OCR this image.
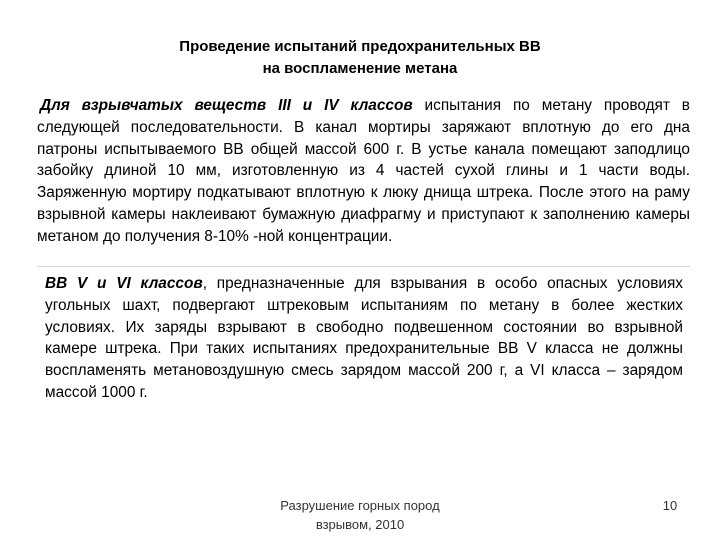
Проведение испытаний предохранительных ВВ
на воспламенение метана

Для взрывчатых веществ III и IV классов испытания по метану проводят в следующей последовательности. В канал мортиры заряжают вплотную до его дна патроны испытываемого ВВ общей массой 600 г. В устье канала помещают заподлицо забойку длиной 10 мм, изготовленную из 4 частей сухой глины и 1 части воды. Заряженную мортиру подкатывают вплотную к люку днища штрека. После этого на раму взрывной камеры наклеивают бумажную диафрагму и приступают к заполнению камеры метаном до получения 8-10% -ной концентрации.

ВВ V и VI классов, предназначенные для взрывания в особо опасных условиях угольных шахт, подвергают штрековым испытаниям по метану в более жестких условиях. Их заряды взрывают в свободно подвешенном состоянии во взрывной камере штрека. При таких испытаниях предохранительные ВВ V класса не должны воспламенять метановоздушную смесь зарядом массой 200 г, а VI класса – зарядом массой 1000 г.

Разрушение горных пород
взрывом, 2010
10
